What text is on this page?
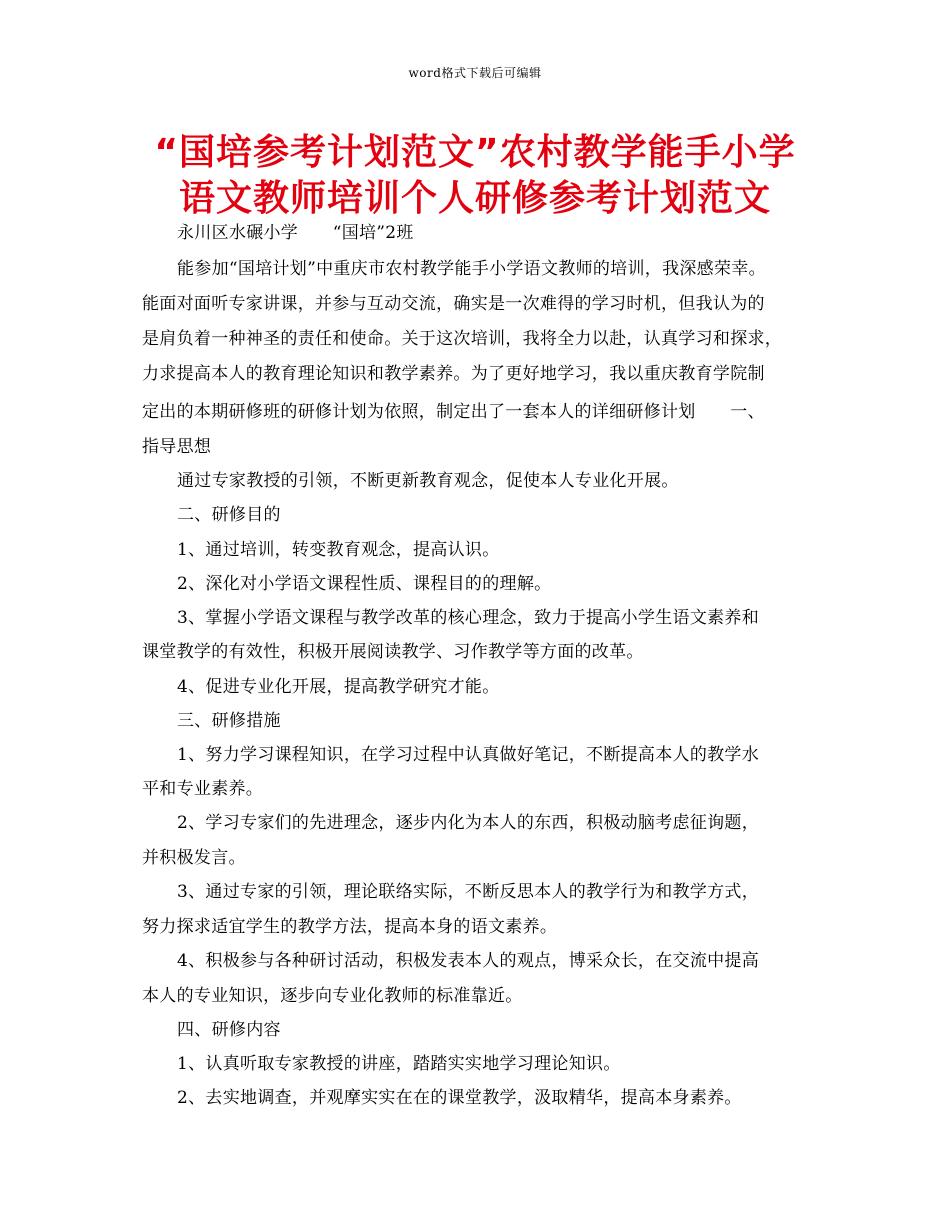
word格式下载后可编辑
“国培参考计划范文”农村教学能手小学
语文教师培训个人研修参考计划范文
永川区水碾小学　　“国培”2班
能参加“国培计划”中重庆市农村教学能手小学语文教师的培训，我深感荣幸。
能面对面听专家讲课，并参与互动交流，确实是一次难得的学习时机，但我认为的
是肩负着一种神圣的责任和使命。关于这次培训，我将全力以赴，认真学习和探求，
力求提高本人的教育理论知识和教学素养。为了更好地学习，我以重庆教育学院制
定出的本期研修班的研修计划为依照，制定出了一套本人的详细研修计划　　一、
指导思想
通过专家教授的引领，不断更新教育观念，促使本人专业化开展。
二、研修目的
1、通过培训，转变教育观念，提高认识。
2、深化对小学语文课程性质、课程目的的理解。
3、掌握小学语文课程与教学改革的核心理念，致力于提高小学生语文素养和
课堂教学的有效性，积极开展阅读教学、习作教学等方面的改革。
4、促进专业化开展，提高教学研究才能。
三、研修措施
1、努力学习课程知识，在学习过程中认真做好笔记，不断提高本人的教学水
平和专业素养。
2、学习专家们的先进理念，逐步内化为本人的东西，积极动脑考虑征询题，
并积极发言。
3、通过专家的引领，理论联络实际，不断反思本人的教学行为和教学方式，
努力探求适宜学生的教学方法，提高本身的语文素养。
4、积极参与各种研讨活动，积极发表本人的观点，博采众长，在交流中提高
本人的专业知识，逐步向专业化教师的标准靠近。
四、研修内容
1、认真听取专家教授的讲座，踏踏实实地学习理论知识。
2、去实地调查，并观摩实实在在的课堂教学，汲取精华，提高本身素养。
